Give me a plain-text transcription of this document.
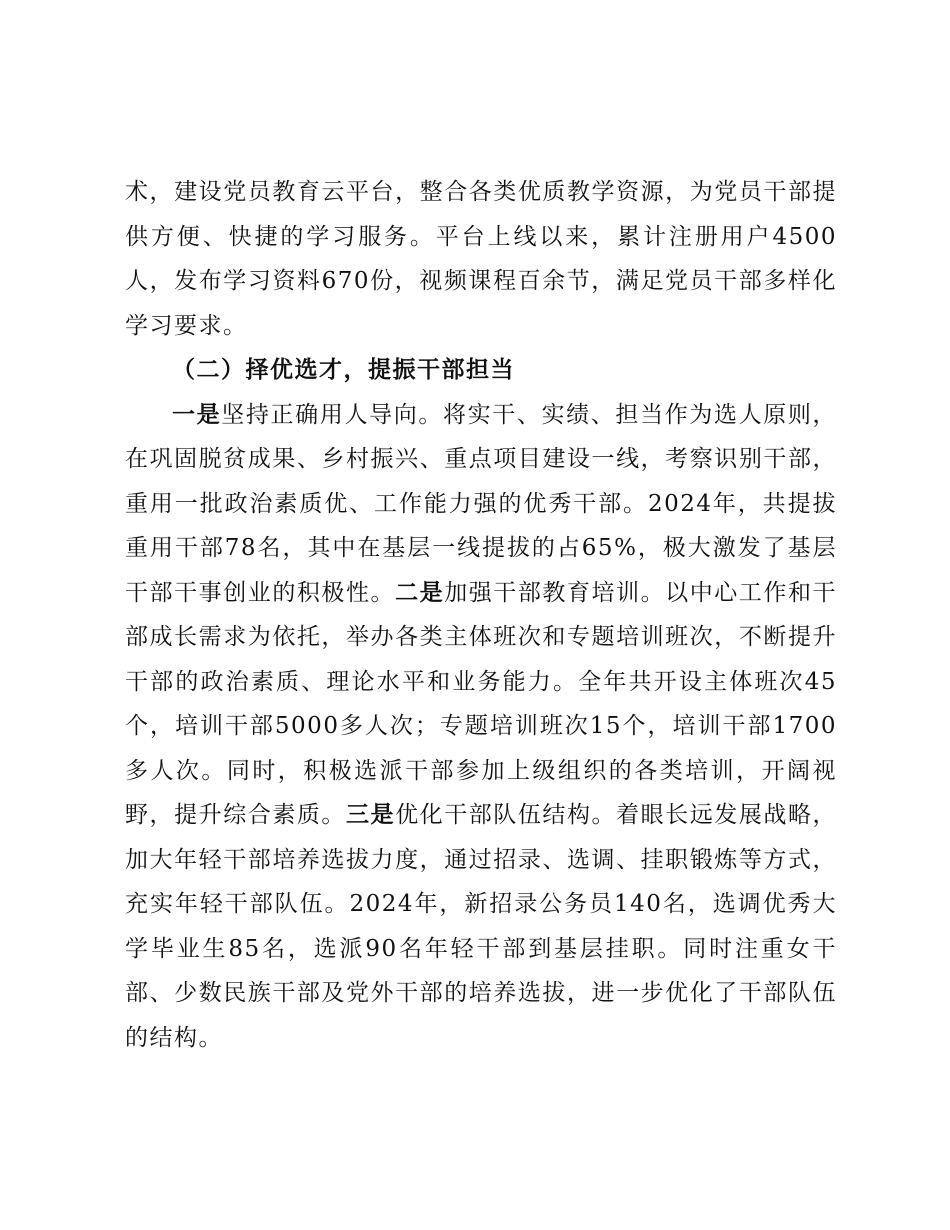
术，建设党员教育云平台，整合各类优质教学资源，为党员干部提供方便、快捷的学习服务。平台上线以来，累计注册用户4500人，发布学习资料670份，视频课程百余节，满足党员干部多样化学习要求。

（二）择优选才，提振干部担当

一是坚持正确用人导向。将实干、实绩、担当作为选人原则，在巩固脱贫成果、乡村振兴、重点项目建设一线，考察识别干部，重用一批政治素质优、工作能力强的优秀干部。2024年，共提拔重用干部78名，其中在基层一线提拔的占65%，极大激发了基层干部干事创业的积极性。二是加强干部教育培训。以中心工作和干部成长需求为依托，举办各类主体班次和专题培训班次，不断提升干部的政治素质、理论水平和业务能力。全年共开设主体班次45个，培训干部5000多人次；专题培训班次15个，培训干部1700多人次。同时，积极选派干部参加上级组织的各类培训，开阔视野，提升综合素质。三是优化干部队伍结构。着眼长远发展战略，加大年轻干部培养选拔力度，通过招录、选调、挂职锻炼等方式，充实年轻干部队伍。2024年，新招录公务员140名，选调优秀大学毕业生85名，选派90名年轻干部到基层挂职。同时注重女干部、少数民族干部及党外干部的培养选拔，进一步优化了干部队伍的结构。
